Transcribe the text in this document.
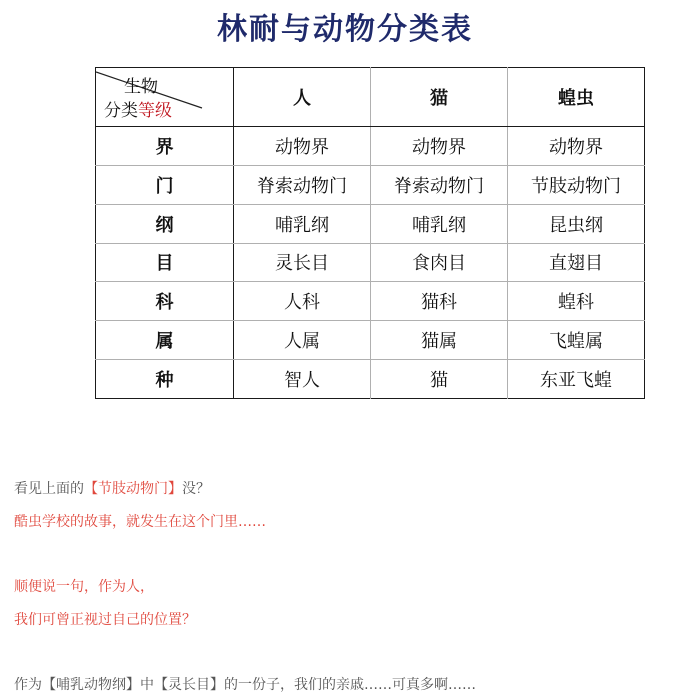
林耐与动物分类表
生物
分类 等级	人	猫	蝗虫
界	动物界	动物界	动物界
门	脊索动物门	脊索动物门	节肢动物门
纲	哺乳纲	哺乳纲	昆虫纲
目	灵长目	食肉目	直翅目
科	人科	猫科	蝗科
属	人属	猫属	飞蝗属
种	智人	猫	东亚飞蝗
看见上面的【节肢动物门】没？
酷虫学校的故事，就发生在这个门里……
顺便说一句，作为人，
我们可曾正视过自己的位置？
作为【哺乳动物纲】中【灵长目】的一份子，我们的亲戚……可真多啊……
